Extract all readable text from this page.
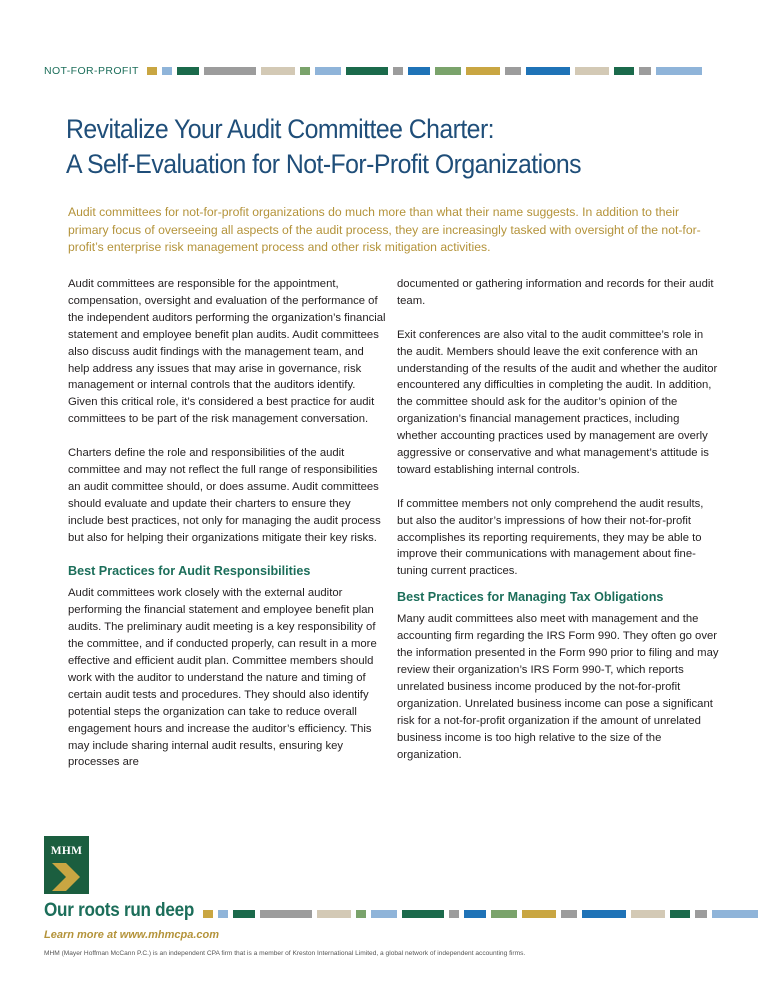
NOT-FOR-PROFIT
Revitalize Your Audit Committee Charter:
A Self-Evaluation for Not-For-Profit Organizations

Audit committees for not-for-profit organizations do much more than what their name suggests. In addition to their primary focus of overseeing all aspects of the audit process, they are increasingly tasked with oversight of the not-for-profit’s enterprise risk management process and other risk mitigation activities.

Audit committees are responsible for the appointment, compensation, oversight and evaluation of the performance of the independent auditors performing the organization’s financial statement and employee benefit plan audits. Audit committees also discuss audit findings with the management team, and help address any issues that may arise in governance, risk management or internal controls that the auditors identify. Given this critical role, it’s considered a best practice for audit committees to be part of the risk management conversation.

Charters define the role and responsibilities of the audit committee and may not reflect the full range of responsibilities an audit committee should, or does assume. Audit committees should evaluate and update their charters to ensure they include best practices, not only for managing the audit process but also for helping their organizations mitigate their key risks.

Best Practices for Audit Responsibilities

Audit committees work closely with the external auditor performing the financial statement and employee benefit plan audits. The preliminary audit meeting is a key responsibility of the committee, and if conducted properly, can result in a more effective and efficient audit plan. Committee members should work with the auditor to understand the nature and timing of certain audit tests and procedures. They should also identify potential steps the organization can take to reduce overall engagement hours and increase the auditor’s efficiency. This may include sharing internal audit results, ensuring key processes are

documented or gathering information and records for their audit team.

Exit conferences are also vital to the audit committee’s role in the audit. Members should leave the exit conference with an understanding of the results of the audit and whether the auditor encountered any difficulties in completing the audit. In addition, the committee should ask for the auditor’s opinion of the organization’s financial management practices, including whether accounting practices used by management are overly aggressive or conservative and what management’s attitude is toward establishing internal controls.

If committee members not only comprehend the audit results, but also the auditor’s impressions of how their not-for-profit accomplishes its reporting requirements, they may be able to improve their communications with management about fine-tuning current practices.

Best Practices for Managing Tax Obligations

Many audit committees also meet with management and the accounting firm regarding the IRS Form 990. They often go over the information presented in the Form 990 prior to filing and may review their organization’s IRS Form 990-T, which reports unrelated business income produced by the not-for-profit organization. Unrelated business income can pose a significant risk for a not-for-profit organization if the amount of unrelated business income is too high relative to the size of the organization.

MHM
Our roots run deep
Learn more at www.mhmcpa.com
MHM (Mayer Hoffman McCann P.C.) is an independent CPA firm that is a member of Kreston International Limited, a global network of independent accounting firms.
